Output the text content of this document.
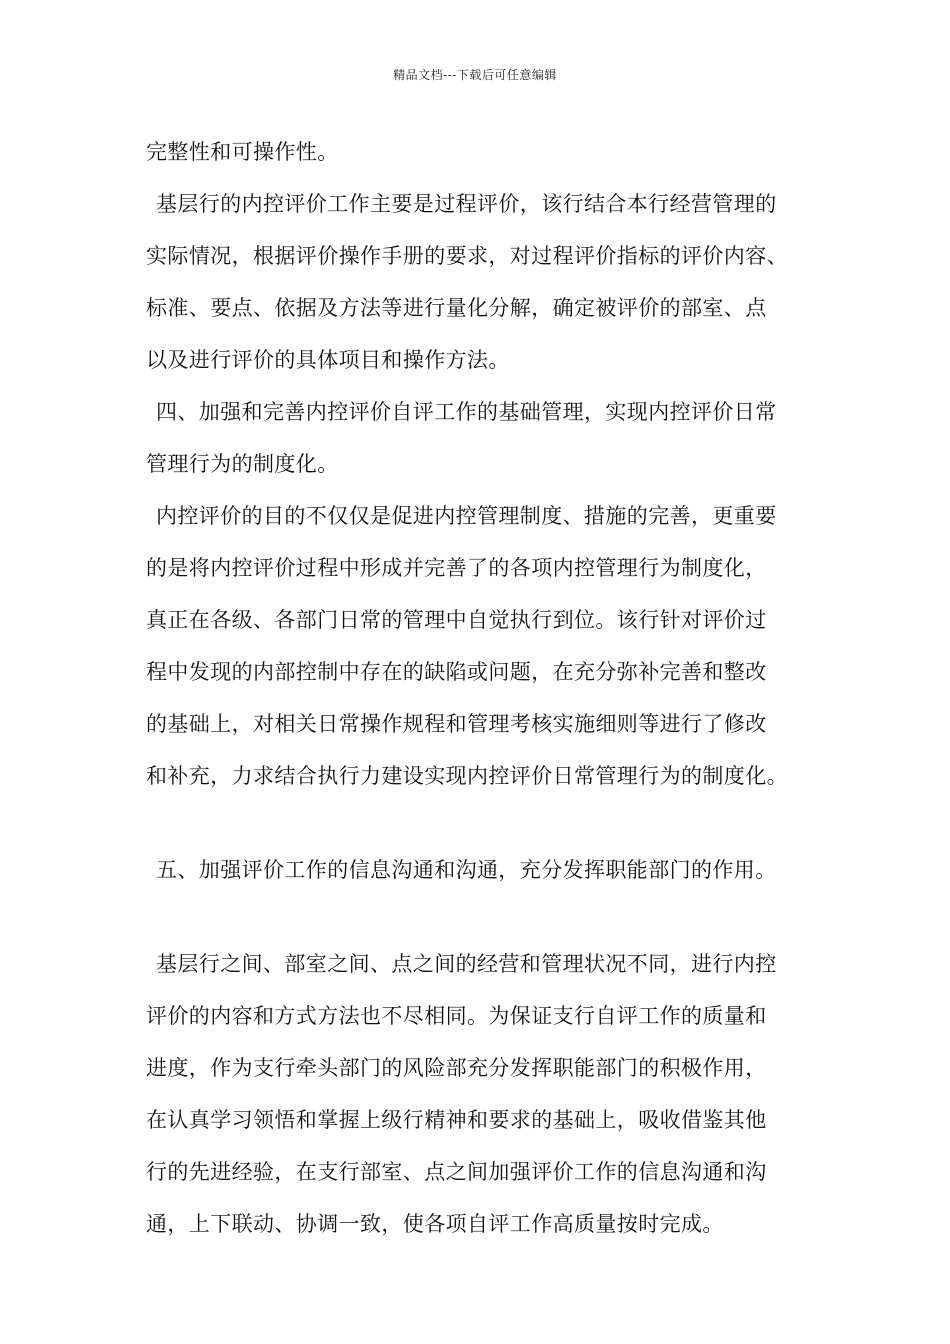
精品文档---下载后可任意编辑
完整性和可操作性。
基层行的内控评价工作主要是过程评价，该行结合本行经营管理的
实际情况，根据评价操作手册的要求，对过程评价指标的评价内容、
标准、要点、依据及方法等进行量化分解，确定被评价的部室、点
以及进行评价的具体项目和操作方法。
四、加强和完善内控评价自评工作的基础管理，实现内控评价日常
管理行为的制度化。
内控评价的目的不仅仅是促进内控管理制度、措施的完善，更重要
的是将内控评价过程中形成并完善了的各项内控管理行为制度化，
真正在各级、各部门日常的管理中自觉执行到位。该行针对评价过
程中发现的内部控制中存在的缺陷或问题，在充分弥补完善和整改
的基础上，对相关日常操作规程和管理考核实施细则等进行了修改
和补充，力求结合执行力建设实现内控评价日常管理行为的制度化。
五、加强评价工作的信息沟通和沟通，充分发挥职能部门的作用。
基层行之间、部室之间、点之间的经营和管理状况不同，进行内控
评价的内容和方式方法也不尽相同。为保证支行自评工作的质量和
进度，作为支行牵头部门的风险部充分发挥职能部门的积极作用，
在认真学习领悟和掌握上级行精神和要求的基础上，吸收借鉴其他
行的先进经验，在支行部室、点之间加强评价工作的信息沟通和沟
通，上下联动、协调一致，使各项自评工作高质量按时完成。
